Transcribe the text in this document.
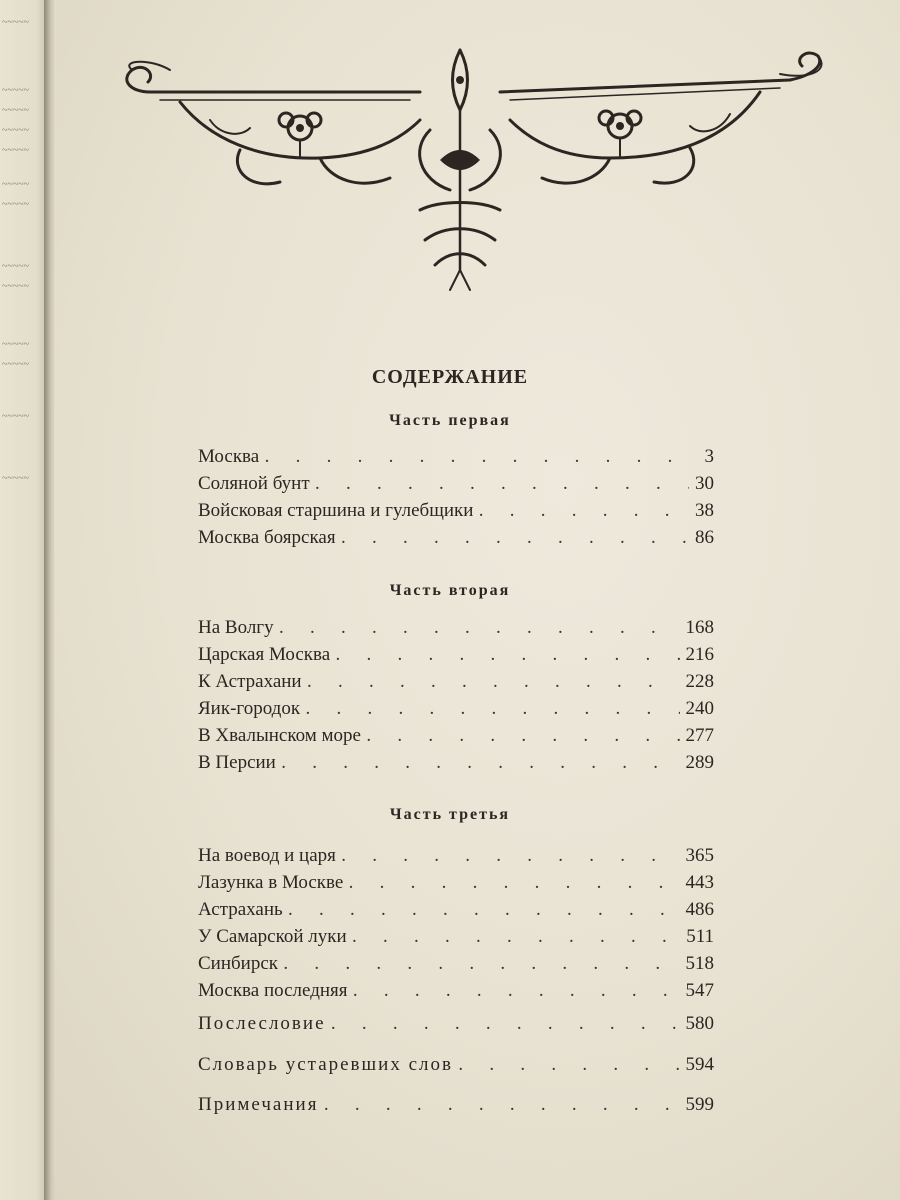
~~~~~
~~~~~
~~~~~
~~~~~
~~~~~
~~~~~
~~~~~
~~~~~
~~~~~
~~~~~
~~~~~
~~~~~
~~~~~
СОДЕРЖАНИЕ
Часть первая
Москва . . .	3
Соляной бунт . . .	30
Войсковая старшина и гулебщики . . .	38
Москва боярская . . .	86
Часть вторая
На Волгу . . .	168
Царская Москва . . .	216
К Астрахани . . .	228
Яик-городок . . .	240
В Хвалынском море . . .	277
В Персии . . .	289
Часть третья
На воевод и царя . . .	365
Лазунка в Москве . . .	443
Астрахань . . .	486
У Самарской луки . . .	511
Синбирск . . .	518
Москва последняя . . .	547
Послесловие . . .	580
Словарь устаревших слов . . .	594
Примечания . . .	599
